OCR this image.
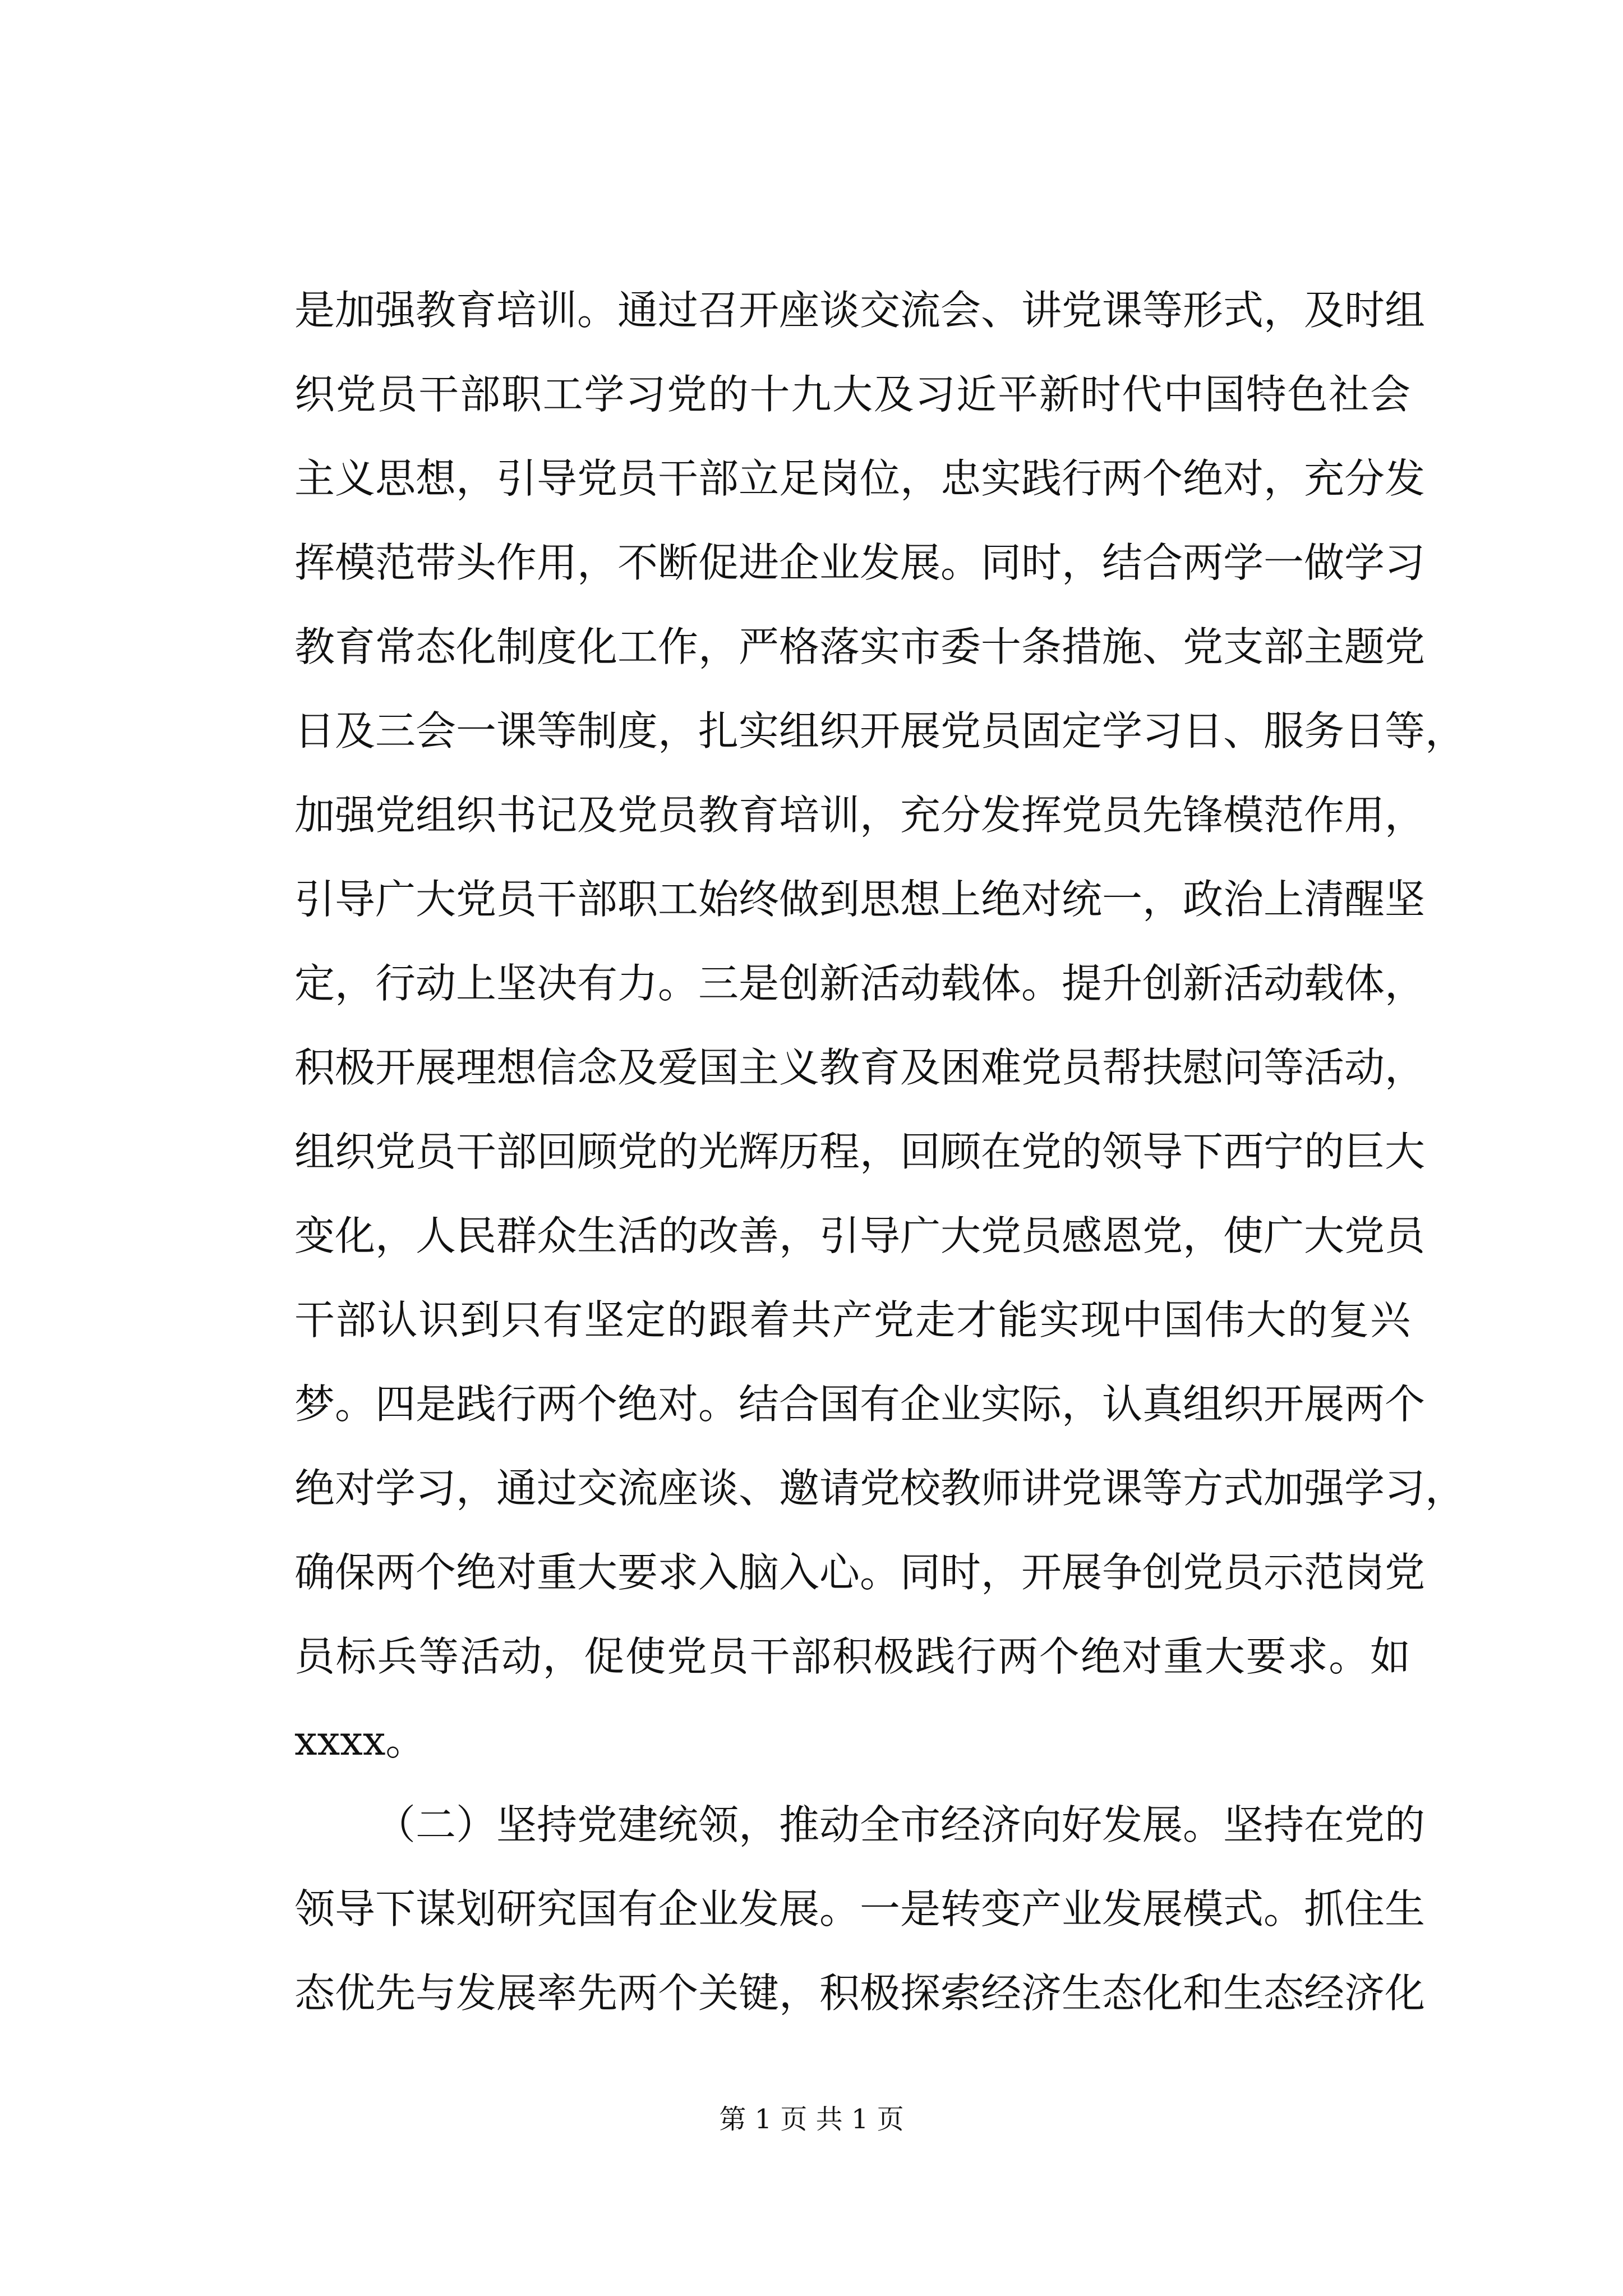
是加强教育培训。通过召开座谈交流会、讲党课等形式，及时组
织党员干部职工学习党的十九大及习近平新时代中国特色社会
主义思想，引导党员干部立足岗位，忠实践行两个绝对，充分发
挥模范带头作用，不断促进企业发展。同时，结合两学一做学习
教育常态化制度化工作，严格落实市委十条措施、党支部主题党
日及三会一课等制度，扎实组织开展党员固定学习日、服务日等，
加强党组织书记及党员教育培训，充分发挥党员先锋模范作用，
引导广大党员干部职工始终做到思想上绝对统一，政治上清醒坚
定，行动上坚决有力。三是创新活动载体。提升创新活动载体，
积极开展理想信念及爱国主义教育及困难党员帮扶慰问等活动，
组织党员干部回顾党的光辉历程，回顾在党的领导下西宁的巨大
变化，人民群众生活的改善，引导广大党员感恩党，使广大党员
干部认识到只有坚定的跟着共产党走才能实现中国伟大的复兴
梦。四是践行两个绝对。结合国有企业实际，认真组织开展两个
绝对学习，通过交流座谈、邀请党校教师讲党课等方式加强学习，
确保两个绝对重大要求入脑入心。同时，开展争创党员示范岗党
员标兵等活动，促使党员干部积极践行两个绝对重大要求。如
xxxx。
（二）坚持党建统领，推动全市经济向好发展。坚持在党的
领导下谋划研究国有企业发展。一是转变产业发展模式。抓住生
态优先与发展率先两个关键，积极探索经济生态化和生态经济化
第 1 页 共 1 页
